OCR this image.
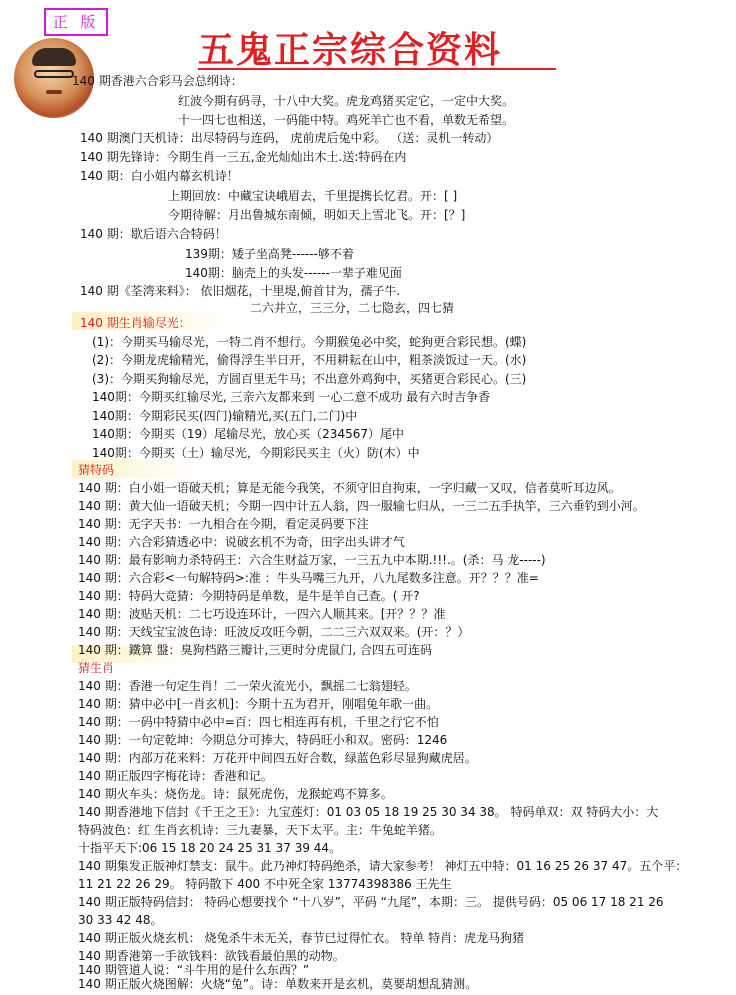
正 版
五鬼正宗综合资料
140 期香港六合彩马会总纲诗：
红波今期有码寻，十八中大奖。虎龙鸡猪买定它，一定中大奖。
十一四七也相送，一码能中特。鸡死羊亡也不看，单数无希望。
140 期澳门天机诗：出尽特码与连码， 虎前虎后兔中彩。 （送：灵机一转动）
140 期先锋诗：今期生肖一三五,金光灿灿出木土.送:特码在内
140 期：白小姐内幕玄机诗！
上期回放：中藏宝诀峨眉去，千里提携长忆君。开：[ ]
今期待解：月出鲁城东南倾，明如天上雪北飞。开：[？]
140 期：歇后语六合特码！
139期：矮子坐高凳------够不着
140期：脑壳上的头发------一辈子难见面
140 期《荃湾来料》： 依旧烟花，十里堤,俯首甘为，孺子牛.
二六并立，三三分，二七隐玄，四七猜
140 期生肖输尽光：
(1)：今期买马输尽光，一特二肖不想行。今期猴兔必中奖，蛇狗更合彩民想。(蝶)
(2)：今期龙虎输精光，偷得浮生半日开，不用耕耘在山中，粗茶淡饭过一天。(水)
(3)：今期买狗输尽光，方圆百里无牛马；不出意外鸡狗中，买猪更合彩民心。(三)
140期：今期买红输尽光, 三亲六友都来到 一心二意不成功 最有六时吉争香
140期：今期彩民买(四门)输精光,买(五门,二门)中
140期：今期买（19）尾输尽光，放心买（234567）尾中
140期：今期买（土）输尽光，今期彩民买主（火）防(木）中
猜特码
140 期：白小姐一语破天机；算是无能今我笑，不须守旧自拘束，一字归藏一又叹，信者莫听耳边风。
140 期：黄大仙一语破天机；今期一四中计五人翁，四一服输七归从，一三二五手执竿，三六垂钓到小河。
140 期：无字天书：一九相合在今期，看定灵码要下注
140 期：六合彩猜透必中：说破玄机不为奇，田字出头讲才气
140 期：最有影响力杀特码王：六合生财益万家，一三五九中本期.!!!.。(杀：马 龙-----)
140 期：六合彩<一句解特码>:准 ：牛头马嘴三九开，八九尾数多注意。开？？？准=
140 期：特码大竞猜：今期特码是单数，是牛是羊自己查。( 开?
140 期：波贴天机：二七巧设连环计，一四六人顺其来。[开？？？准
140 期：天线宝宝波色诗：旺波反攻旺今朝，二二三六双双来。(开：？）
140 期：鐵算 盤：臭狗档路三瓣计,三更时分虎鼠门, 合四五可连码
猜生肖
140 期：香港一句定生肖！二一荣火流光小，飘摇二七翁翅轻。
140 期：猜中必中[一肖玄机]：今期十五为君开，刚唱兔年歌一曲。
140 期：一码中特猜中必中=百：四七相连再有机，千里之行它不怕
140 期：一句定乾坤：今期总分可捧大，特码旺小和双。密码：1246
140 期：内部万花来料：万花开中间四五好合数，绿蓝色彩尽显狗藏虎居。
140 期正版四字梅花诗：香港和记。
140 期火车头：烧伤龙。诗：鼠死虎伤，龙猴蛇鸡不算多。
140 期香港地下信封《千王之王》：九宝莲灯：01 03 05 18 19 25 30 34 38。 特码单双：双 特码大小：大
特码波色：红 生肖玄机诗：三九妻暴，天下太平。主：牛兔蛇羊猪。
十指平天下:06 15 18 20 24 25 31 37 39 44。
140 期集发正版神灯禁支：鼠牛。此乃神灯特码绝杀，请大家参考！ 神灯五中特：01 16 25 26 37 47。五个平：
11 21 22 26 29。 特码散下 400 不中死全家 13774398386 王先生
140 期正版特码信封： 特码心想要找个 “十八岁”，平码 “九尾”，本期：三。 提供号码：05 06 17 18 21 26
30 33 42 48。
140 期正版火烧玄机： 烧兔杀牛未无关，春节已过得忙衣。 特单 特肖：虎龙马狗猪
140 期香港第一手欲钱料：欲钱看最伯黑的动物。
140 期管道人说：“斗牛用的是什么东西？”
140 期正版火烧图解：火烧“兔”。诗：单数来开是玄机，莫要胡想乱猜测。
